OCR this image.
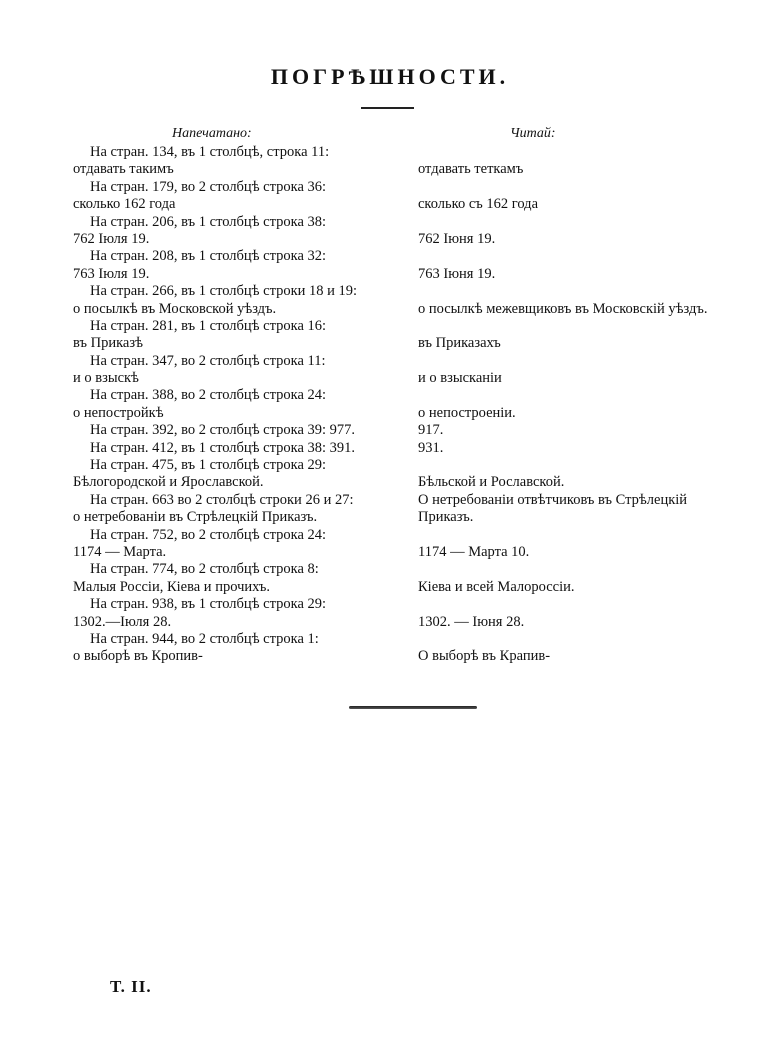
ПОГРѢШНОСТИ.
Напечатано:	Читай:
На стран. 134, въ 1 столбцѣ, строка 11:
отдавать такимъ
На стран. 179, во 2 столбцѣ строка 36:
сколько 162 года
На стран. 206, въ 1 столбцѣ строка 38:
762 Іюля 19.
На стран. 208, въ 1 столбцѣ строка 32:
763 Іюля 19.
На стран. 266, въ 1 столбцѣ строки 18 и 19:
о посылкѣ въ Московской уѣздъ.
На стран. 281, въ 1 столбцѣ строка 16:
въ Приказѣ
На стран. 347, во 2 столбцѣ строка 11:
и о взыскѣ
На стран. 388, во 2 столбцѣ строка 24:
о непостройкѣ
На стран. 392, во 2 столбцѣ строка 39: 977.
На стран. 412, въ 1 столбцѣ строка 38: 391.
На стран. 475, въ 1 столбцѣ строка 29:
Бѣлогородской и Ярославской.
На стран. 663 во 2 столбцѣ строки 26 и 27:
о нетребованіи въ Стрѣлецкій Приказъ.
На стран. 752, во 2 столбцѣ строка 24:
1174 — Марта.
На стран. 774, во 2 столбцѣ строка 8:
Малыя Россіи, Кіева и прочихъ.
На стран. 938, въ 1 столбцѣ строка 29:
1302.—Іюля 28.
На стран. 944, во 2 столбцѣ строка 1:
о выборѣ въ Кропив-
отдавать теткамъ
сколько съ 162 года
762 Іюня 19.
763 Іюня 19.
о посылкѣ межевщиковъ въ Московскій уѣздъ.
въ Приказахъ
и о взысканіи
о непостроеніи.
917.
931.
Бѣльской и Рославской.
О нетребованіи отвѣтчиковъ въ Стрѣлецкій
Приказъ.
1174 — Марта 10.
Кіева и всей Малороссіи.
1302. — Іюня 28.
О выборѣ въ Крапив-
Т. II.
